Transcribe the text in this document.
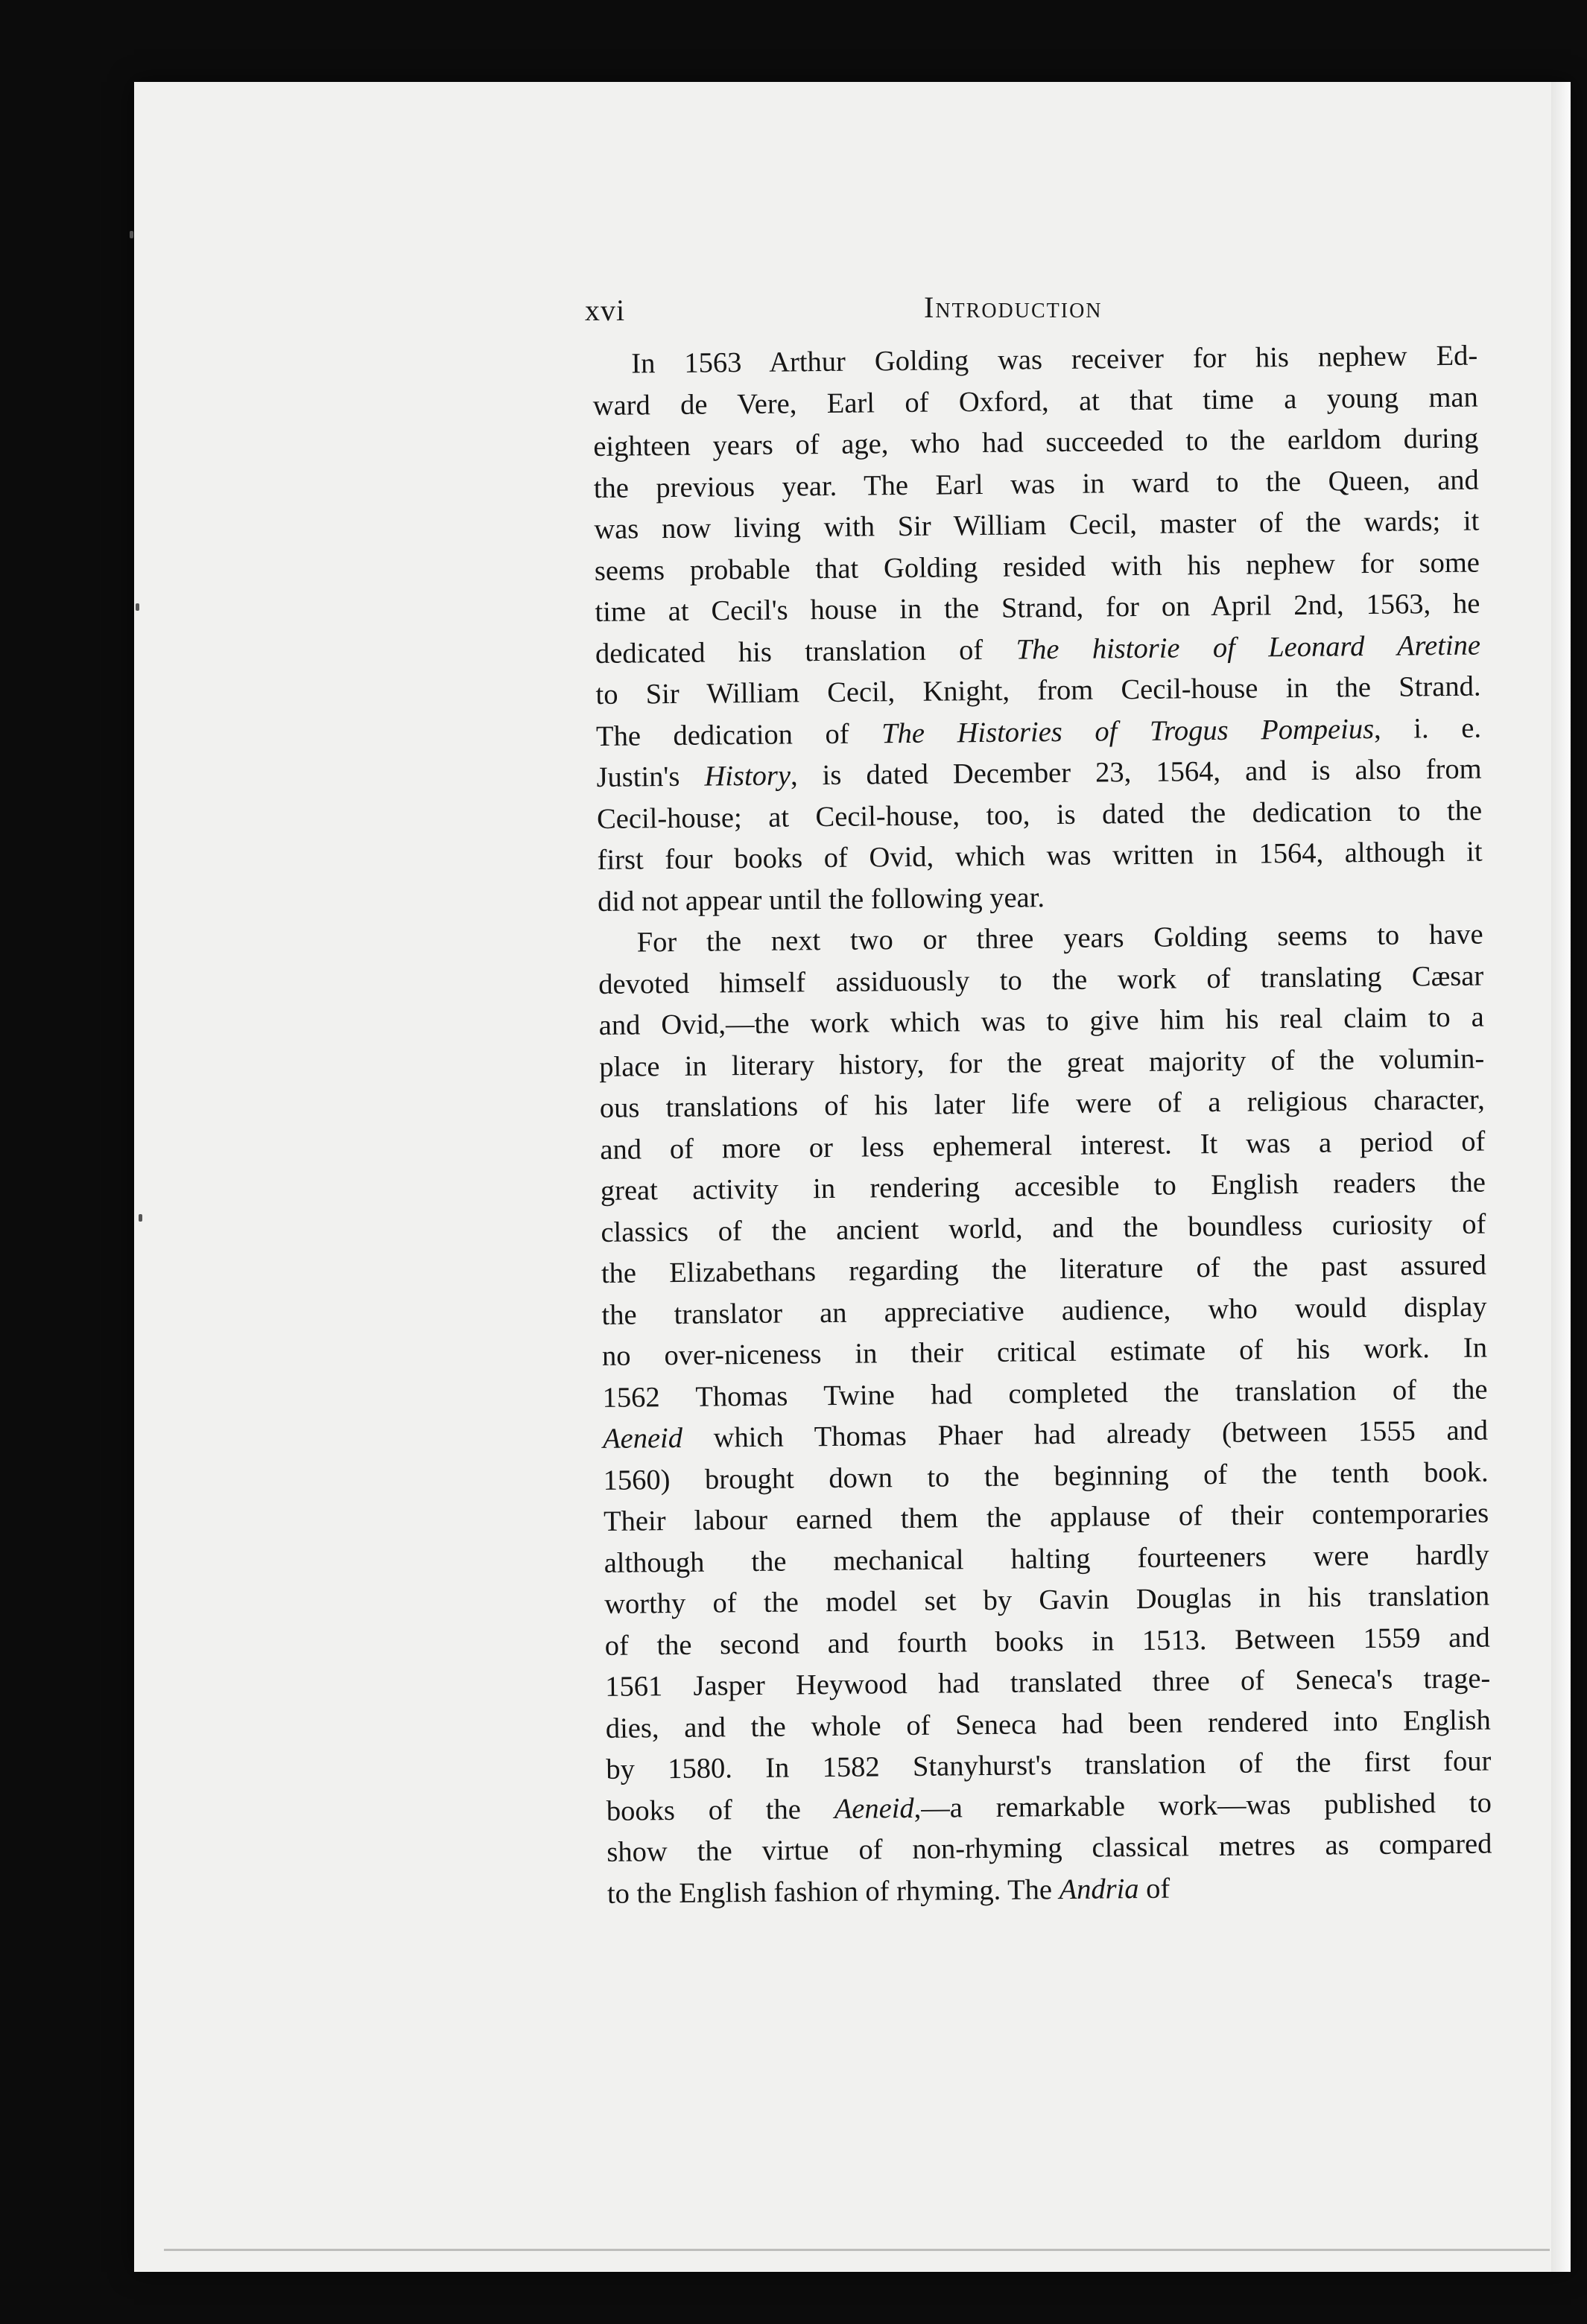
xvi	Introduction
In 1563 Arthur Golding was receiver for his nephew Ed-
ward de Vere, Earl of Oxford, at that time a young man
eighteen years of age, who had succeeded to the earldom during
the previous year. The Earl was in ward to the Queen, and
was now living with Sir William Cecil, master of the wards; it
seems probable that Golding resided with his nephew for some
time at Cecil's house in the Strand, for on April 2nd, 1563, he
dedicated his translation of The historie of Leonard Aretine
to Sir William Cecil, Knight, from Cecil-house in the Strand.
The dedication of The Histories of Trogus Pompeius, i. e.
Justin's History, is dated December 23, 1564, and is also from
Cecil-house; at Cecil-house, too, is dated the dedication to the
first four books of Ovid, which was written in 1564, although it
did not appear until the following year.
For the next two or three years Golding seems to have
devoted himself assiduously to the work of translating Cæsar
and Ovid,—the work which was to give him his real claim to a
place in literary history, for the great majority of the volumin-
ous translations of his later life were of a religious character,
and of more or less ephemeral interest. It was a period of
great activity in rendering accesible to English readers the
classics of the ancient world, and the boundless curiosity of
the Elizabethans regarding the literature of the past assured
the translator an appreciative audience, who would display
no over-niceness in their critical estimate of his work. In
1562 Thomas Twine had completed the translation of the
Aeneid which Thomas Phaer had already (between 1555 and
1560) brought down to the beginning of the tenth book.
Their labour earned them the applause of their contemporaries
although the mechanical halting fourteeners were hardly
worthy of the model set by Gavin Douglas in his translation
of the second and fourth books in 1513. Between 1559 and
1561 Jasper Heywood had translated three of Seneca's trage-
dies, and the whole of Seneca had been rendered into English
by 1580. In 1582 Stanyhurst's translation of the first four
books of the Aeneid,—a remarkable work—was published to
show the virtue of non-rhyming classical metres as compared
to the English fashion of rhyming. The Andria of
